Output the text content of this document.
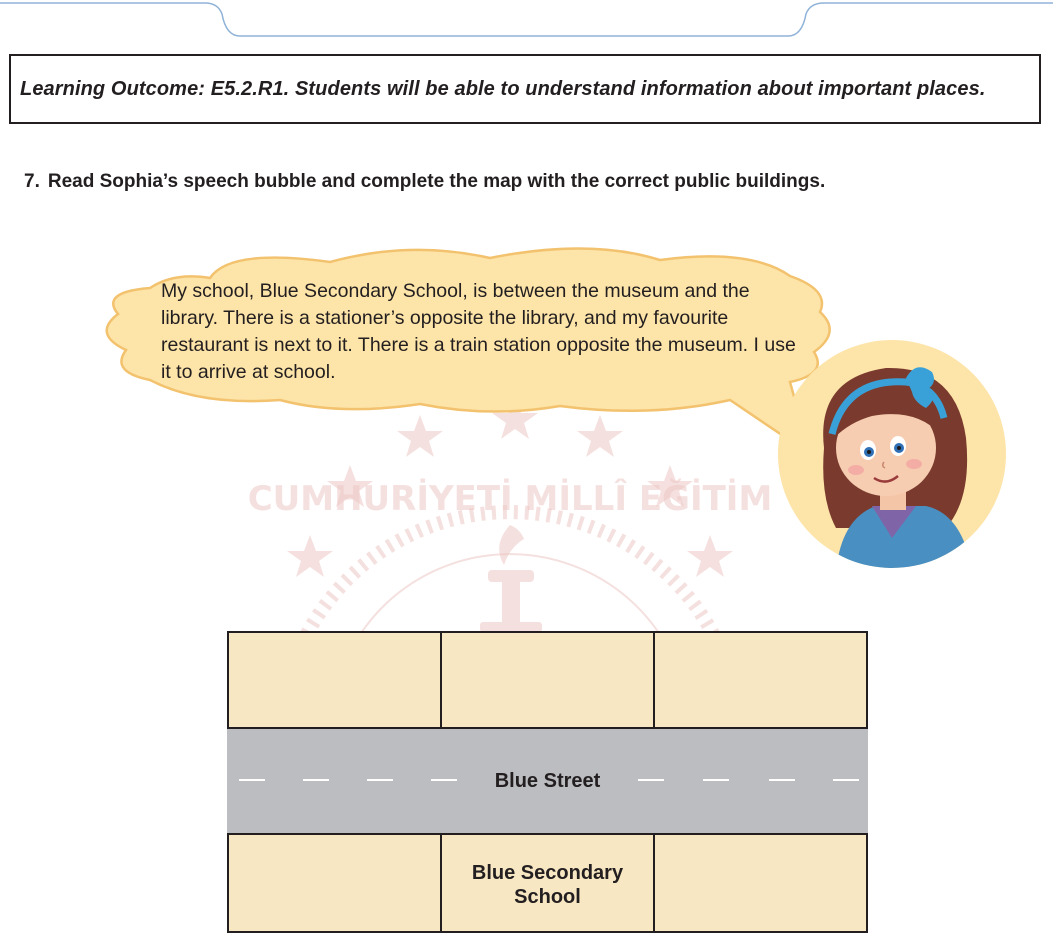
Learning Outcome: E5.2.R1. Students will be able to understand information about important places.
7. Read Sophia’s speech bubble and complete the map with the correct public buildings.
CUMHURİYETİ MİLLÎ EĞİTİM
My school, Blue Secondary School, is between the museum and the library. There is a stationer’s opposite the library, and my favourite restaurant is next to it. There is a train station opposite the museum. I use it to arrive at school.
Blue Street
Blue Secondary School
